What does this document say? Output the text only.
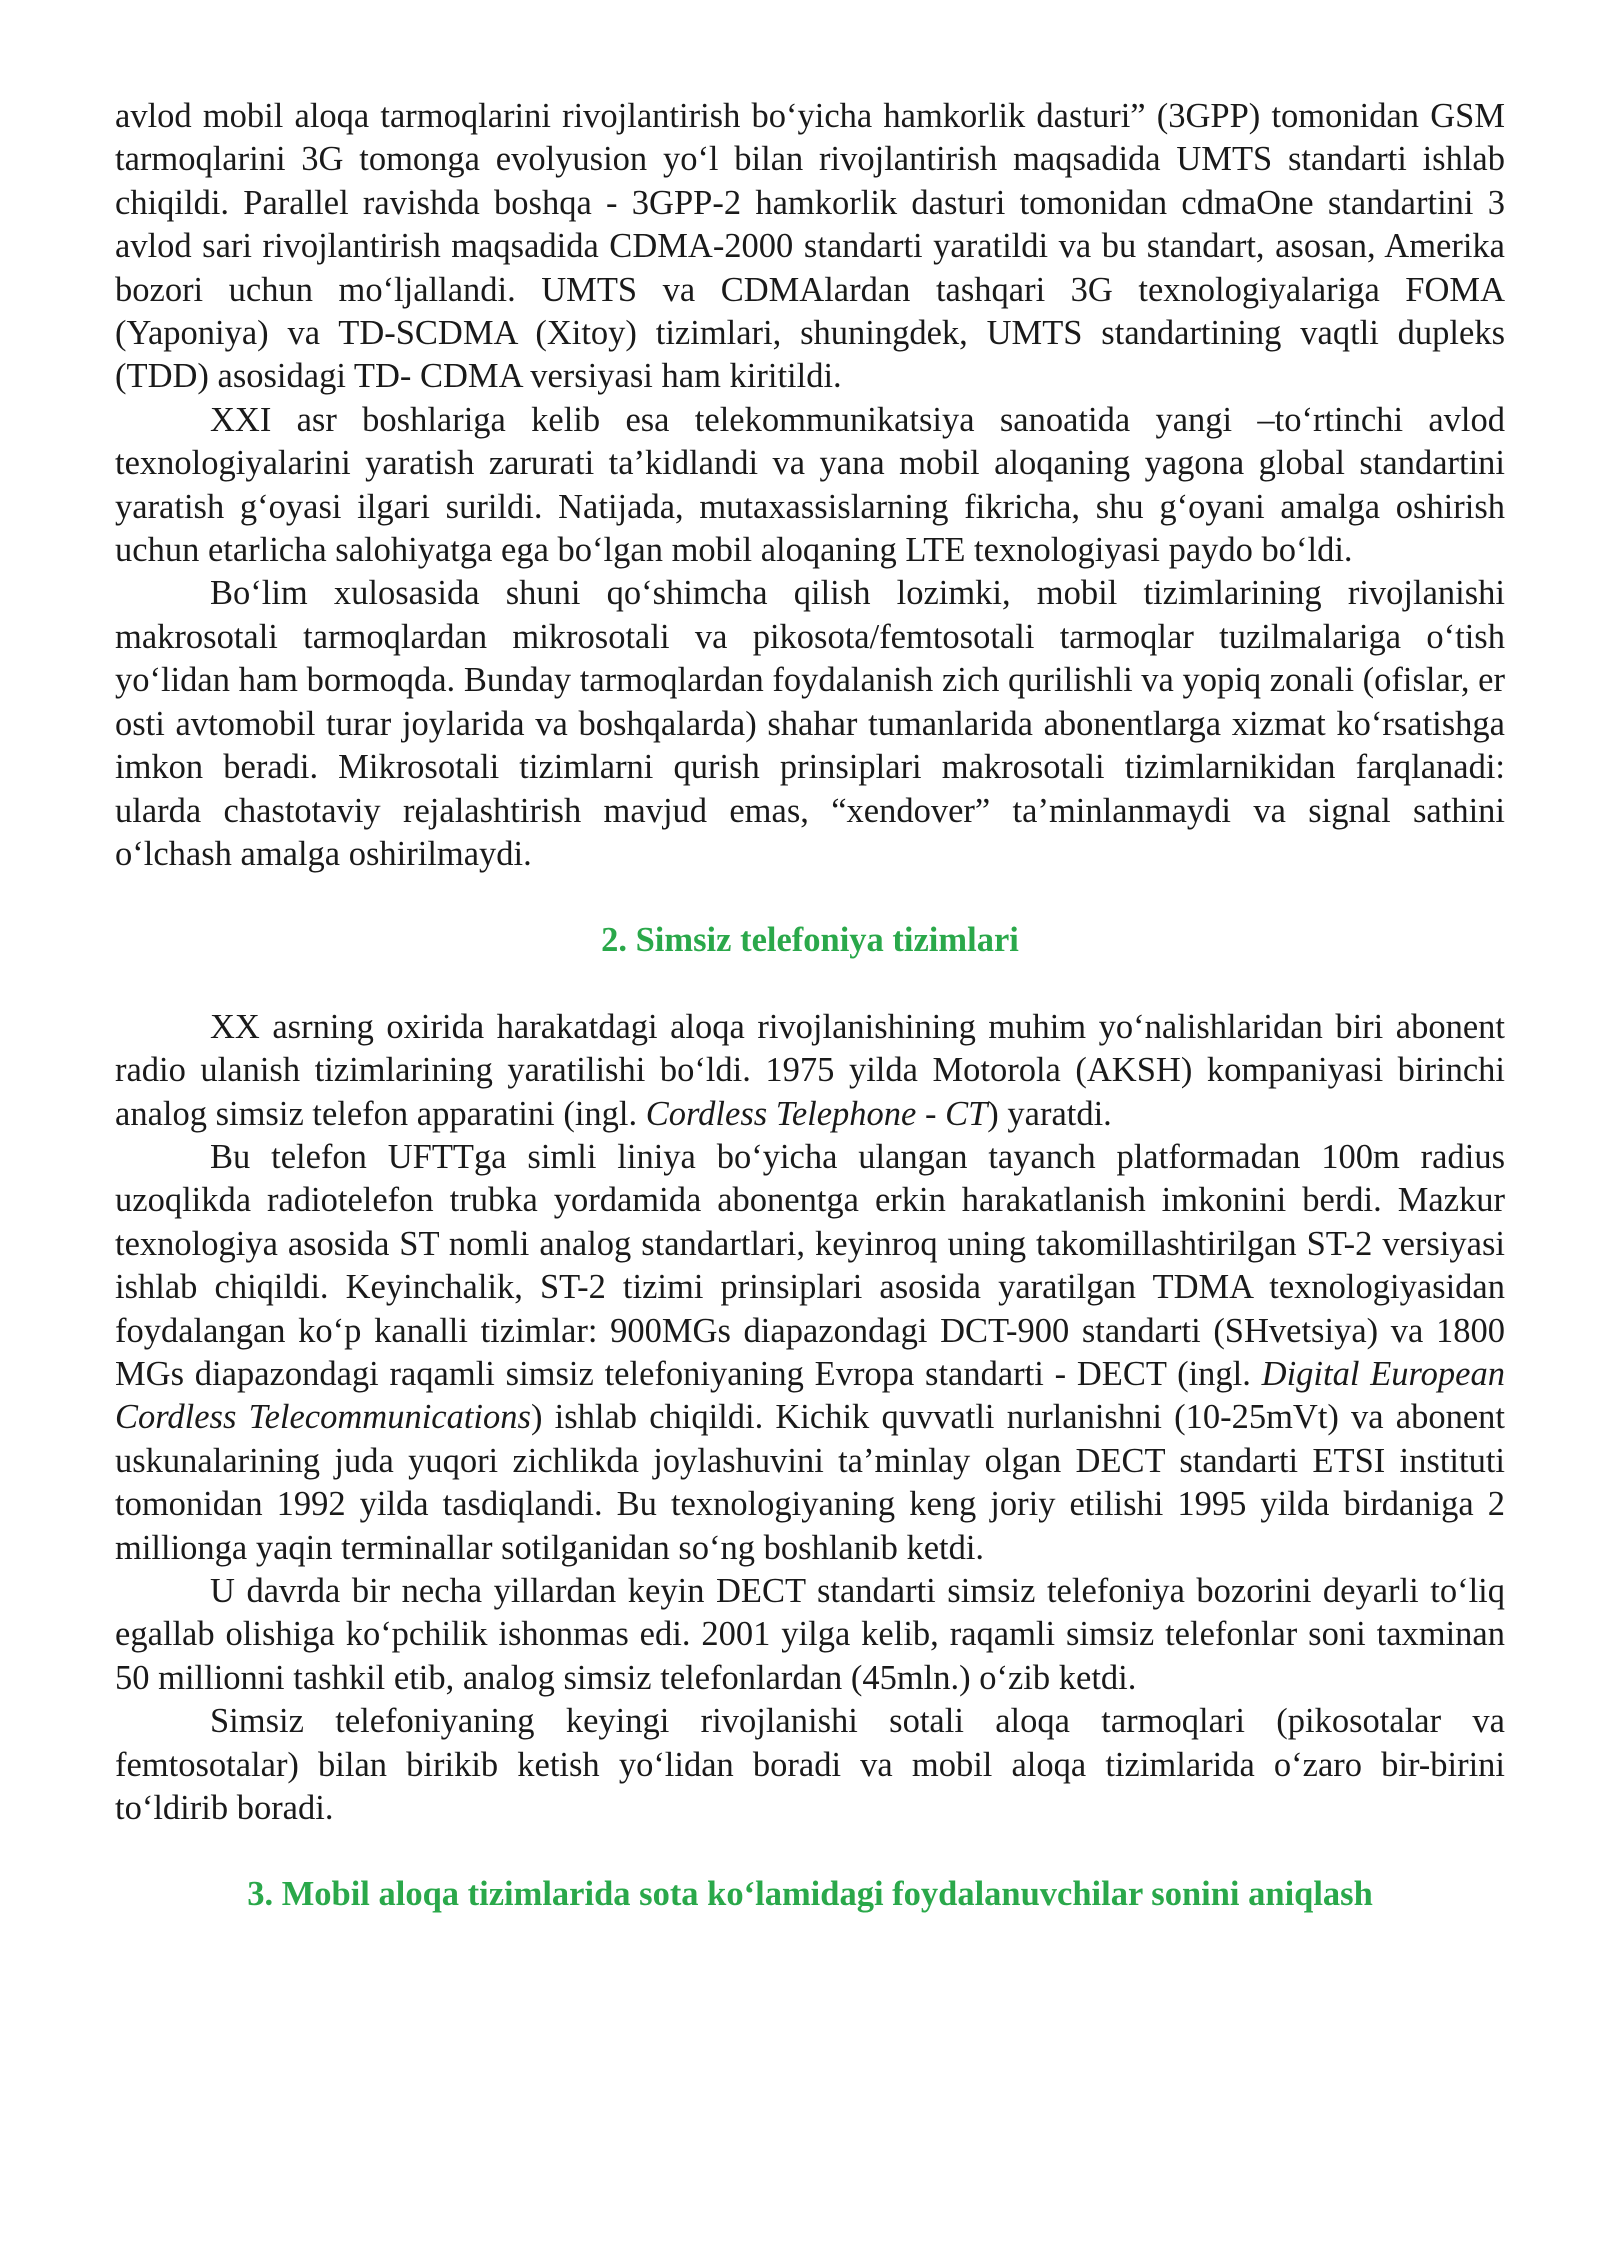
avlod mobil aloqa tarmoqlarini rivojlantirish bo‘yicha hamkorlik dasturi” (3GPP) tomonidan GSM tarmoqlarini 3G tomonga evolyusion yo‘l bilan rivojlantirish maqsadida UMTS standarti ishlab chiqildi. Parallel ravishda boshqa - 3GPP-2 hamkorlik dasturi tomonidan cdmaOne standartini 3 avlod sari rivojlantirish maqsadida CDMA-2000 standarti yaratildi va bu standart, asosan, Amerika bozori uchun mo‘ljallandi. UMTS va CDMAlardan tashqari 3G texnologiyalariga FOMA (Yaponiya) va TD-SCDMA (Xitoy) tizimlari, shuningdek, UMTS standartining vaqtli dupleks (TDD) asosidagi TD- CDMA versiyasi ham kiritildi.

XXI asr boshlariga kelib esa telekommunikatsiya sanoatida yangi –to‘rtinchi avlod texnologiyalarini yaratish zarurati ta’kidlandi va yana mobil aloqaning yagona global standartini yaratish g‘oyasi ilgari surildi. Natijada, mutaxassislarning fikricha, shu g‘oyani amalga oshirish uchun etarlicha salohiyatga ega bo‘lgan mobil aloqaning LTE texnologiyasi paydo bo‘ldi.

Bo‘lim xulosasida shuni qo‘shimcha qilish lozimki, mobil tizimlarining rivojlanishi makrosotali tarmoqlardan mikrosotali va pikosota/femtosotali tarmoqlar tuzilmalariga o‘tish yo‘lidan ham bormoqda. Bunday tarmoqlardan foydalanish zich qurilishli va yopiq zonali (ofislar, er osti avtomobil turar joylarida va boshqalarda) shahar tumanlarida abonentlarga xizmat ko‘rsatishga imkon beradi. Mikrosotali tizimlarni qurish prinsiplari makrosotali tizimlarnikidan farqlanadi: ularda chastotaviy rejalashtirish mavjud emas, “xendover” ta’minlanmaydi va signal sathini o‘lchash amalga oshirilmaydi.

2. Simsiz telefoniya tizimlari

XX asrning oxirida harakatdagi aloqa rivojlanishining muhim yo‘nalishlaridan biri abonent radio ulanish tizimlarining yaratilishi bo‘ldi. 1975 yilda Motorola (AKSH) kompaniyasi birinchi analog simsiz telefon apparatini (ingl. Cordless Telephone - CT) yaratdi.

Bu telefon UFTTga simli liniya bo‘yicha ulangan tayanch platformadan 100m radius uzoqlikda radiotelefon trubka yordamida abonentga erkin harakatlanish imkonini berdi. Mazkur texnologiya asosida ST nomli analog standartlari, keyinroq uning takomillashtirilgan ST-2 versiyasi ishlab chiqildi. Keyinchalik, ST-2 tizimi prinsiplari asosida yaratilgan TDMA texnologiyasidan foydalangan ko‘p kanalli tizimlar: 900MGs diapazondagi DCT-900 standarti (SHvetsiya) va 1800 MGs diapazondagi raqamli simsiz telefoniyaning Evropa standarti - DECT (ingl. Digital European Cordless Telecommunications) ishlab chiqildi. Kichik quvvatli nurlanishni (10-25mVt) va abonent uskunalarining juda yuqori zichlikda joylashuvini ta’minlay olgan DECT standarti ETSI instituti tomonidan 1992 yilda tasdiqlandi. Bu texnologiyaning keng joriy etilishi 1995 yilda birdaniga 2 millionga yaqin terminallar sotilganidan so‘ng boshlanib ketdi.

U davrda bir necha yillardan keyin DECT standarti simsiz telefoniya bozorini deyarli to‘liq egallab olishiga ko‘pchilik ishonmas edi. 2001 yilga kelib, raqamli simsiz telefonlar soni taxminan 50 millionni tashkil etib, analog simsiz telefonlardan (45mln.) o‘zib ketdi.

Simsiz telefoniyaning keyingi rivojlanishi sotali aloqa tarmoqlari (pikosotalar va femtosotalar) bilan birikib ketish yo‘lidan boradi va mobil aloqa tizimlarida o‘zaro bir-birini to‘ldirib boradi.

3. Mobil aloqa tizimlarida sota ko‘lamidagi foydalanuvchilar sonini aniqlash
